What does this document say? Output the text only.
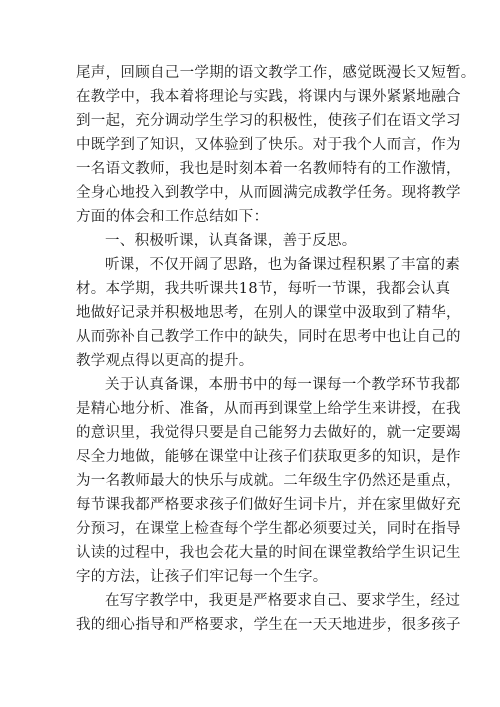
尾声，回顾自己一学期的语文教学工作，感觉既漫长又短暂。
在教学中，我本着将理论与实践，将课内与课外紧紧地融合
到一起，充分调动学生学习的积极性，使孩子们在语文学习
中既学到了知识，又体验到了快乐。对于我个人而言，作为
一名语文教师，我也是时刻本着一名教师特有的工作激情，
全身心地投入到教学中，从而圆满完成教学任务。现将教学
方面的体会和工作总结如下：
一、积极听课，认真备课，善于反思。
听课，不仅开阔了思路，也为备课过程积累了丰富的素
材。本学期，我共听课共18节，每听一节课，我都会认真
地做好记录并积极地思考，在别人的课堂中汲取到了精华，
从而弥补自己教学工作中的缺失，同时在思考中也让自己的
教学观点得以更高的提升。
关于认真备课，本册书中的每一课每一个教学环节我都
是精心地分析、准备，从而再到课堂上给学生来讲授，在我
的意识里，我觉得只要是自己能努力去做好的，就一定要竭
尽全力地做，能够在课堂中让孩子们获取更多的知识，是作
为一名教师最大的快乐与成就。二年级生字仍然还是重点，
每节课我都严格要求孩子们做好生词卡片，并在家里做好充
分预习，在课堂上检查每个学生都必须要过关，同时在指导
认读的过程中，我也会花大量的时间在课堂教给学生识记生
字的方法，让孩子们牢记每一个生字。
在写字教学中，我更是严格要求自己、要求学生，经过
我的细心指导和严格要求，学生在一天天地进步，很多孩子
